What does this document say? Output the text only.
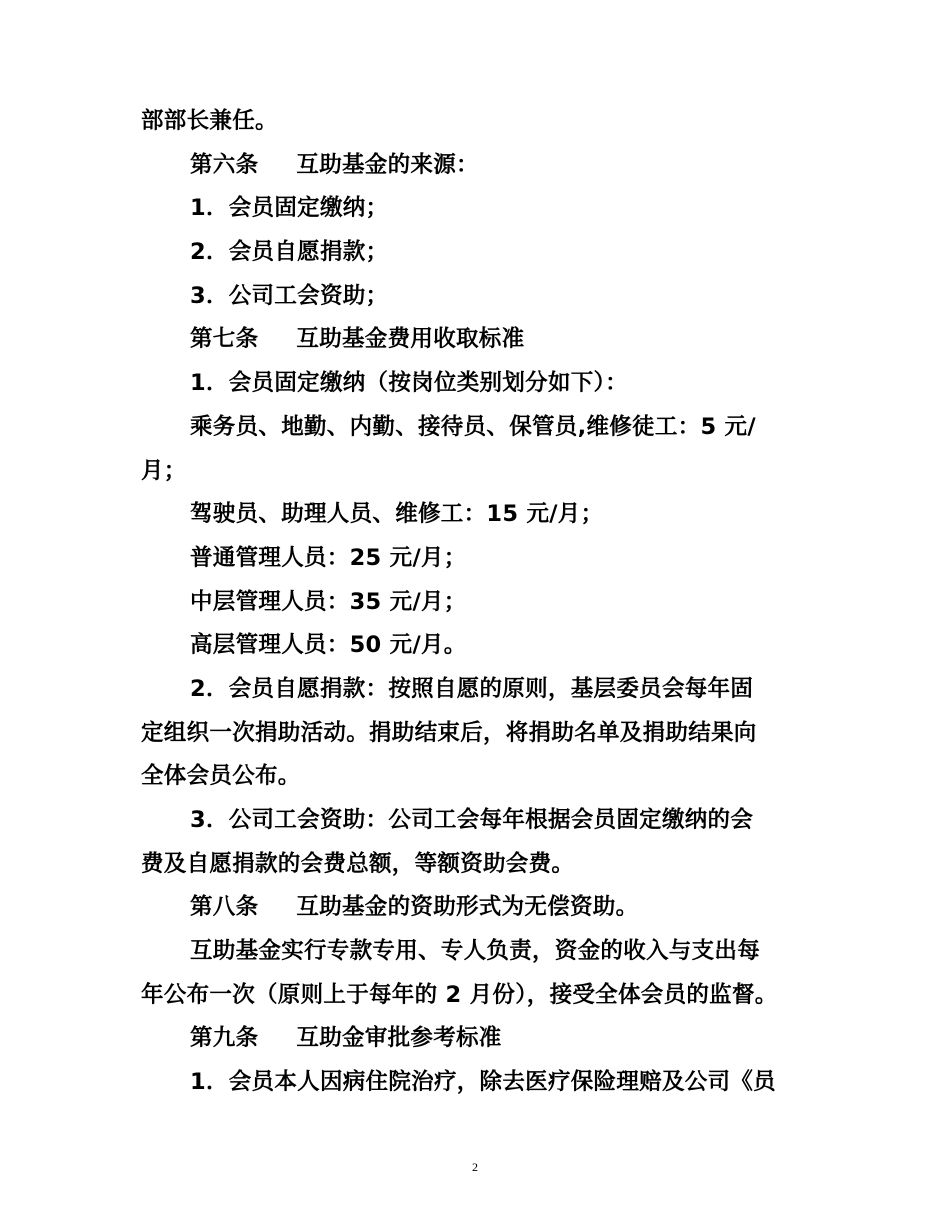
部部长兼任。
第六条 互助基金的来源：
1．会员固定缴纳；
2．会员自愿捐款；
3．公司工会资助；
第七条 互助基金费用收取标准
1．会员固定缴纳（按岗位类别划分如下）：
乘务员、地勤、内勤、接待员、保管员,维修徒工：5 元/
月；
驾驶员、助理人员、维修工：15 元/月；
普通管理人员：25 元/月；
中层管理人员：35 元/月；
高层管理人员：50 元/月。
2．会员自愿捐款：按照自愿的原则，基层委员会每年固
定组织一次捐助活动。捐助结束后，将捐助名单及捐助结果向
全体会员公布。
3．公司工会资助：公司工会每年根据会员固定缴纳的会
费及自愿捐款的会费总额，等额资助会费。
第八条 互助基金的资助形式为无偿资助。
互助基金实行专款专用、专人负责，资金的收入与支出每
年公布一次（原则上于每年的 2 月份），接受全体会员的监督。
第九条 互助金审批参考标准
1．会员本人因病住院治疗，除去医疗保险理赔及公司《员
2
